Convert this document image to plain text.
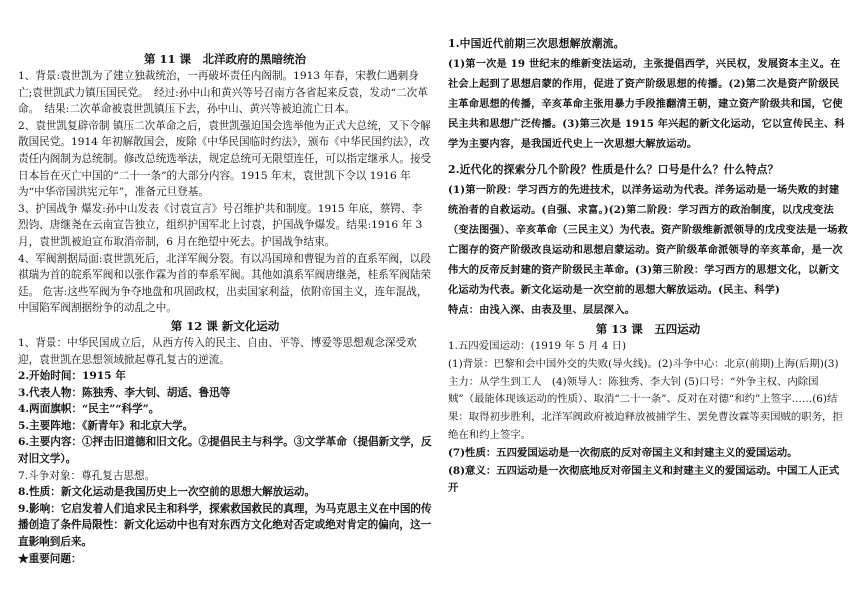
第 11 课　北洋政府的黑暗统治

1、背景:袁世凯为了建立独裁统治，一再破坏责任内阁制。1913 年春，宋教仁遇刺身亡;袁世凯武力镇压国民党。　经过:孙中山和黄兴等号召南方各省起来反袁，发动“二次革命。　结果:二次革命被袁世凯镇压下去，孙中山、黄兴等被迫流亡日本。

2、袁世凯复辟帝制 镇压二次革命之后，袁世凯强迫国会选举他为正式大总统，又下令解散国民党。1914 年初解散国会，废除《中华民国临时约法》，颁布《中华民国约法》，改责任内阁制为总统制。修改总统选举法，规定总统可无限望连任，可以指定继承人。接受日本旨在灭亡中国的“二十一条”的大部分内容。1915 年末，袁世凯下令以 1916 年为“中华帝国洪宪元年”，准备元旦登基。

3、护国战争 爆发:孙中山发表《讨袁宣言》号召维护共和制度。1915 年底，蔡锷、李烈钧、唐继尧在云南宣告独立，组织护国军北上讨袁，护国战争爆发。结果:1916 年 3 月，袁世凯被迫宣布取消帝制，6 月在绝望中死去。护国战争结束。

4、军阀割据局面:袁世凯死后，北洋军阀分裂。有以冯国璋和曹锟为首的直系军阀，以段祺瑞为首的皖系军阀和以张作霖为首的奉系军阀。其他如滇系军阀唐继尧，桂系军阀陆荣廷。 危害:这些军阀为争夺地盘和巩固政权，出卖国家利益，依附帝国主义，连年混战，中国陷军阀割据纷争的动乱之中。

第 12 课 新文化运动

1、背景：中华民国成立后，从西方传入的民主、自由、平等、博爱等思想观念深受欢迎，袁世凯在思想领域掀起尊孔复古的逆流。

2.开始时间：1915 年

3.代表人物：陈独秀、李大钊、胡适、鲁迅等

4.两面旗帜：“民主”“科学”。

5.主要阵地：《新青年》和北京大学。

6.主要内容：①抨击旧道德和旧文化。②提倡民主与科学。③文学革命（提倡新文学，反对旧文学）。

7.斗争对象：尊孔复古思想。

8.性质：新文化运动是我国历史上一次空前的思想大解放运动。

9.影响：它启发着人们追求民主和科学，探索救国救民的真理，为马克思主义在中国的传播创造了条件局限性：新文化运动中也有对东西方文化绝对否定或绝对肯定的偏向，这一直影响到后来。

★重要问题：

1.中国近代前期三次思想解放潮流。

(1)第一次是 19 世纪末的维新变法运动，主张提倡西学，兴民权，发展资本主义。在社会上起到了思想启蒙的作用，促进了资产阶级思想的传播。(2)第二次是资产阶级民主革命思想的传播，辛亥革命主张用暴力手段推翻清王朝，建立资产阶级共和国，它使民主共和思想广泛传播。(3)第三次是 1915 年兴起的新文化运动，它以宣传民主、科学为主要内容，是我国近代史上一次思想大解放运动。

2.近代化的探索分几个阶段？性质是什么？口号是什么？什么特点？

(1)第一阶段：学习西方的先进技术，以洋务运动为代表。洋务运动是一场失败的封建统治者的自救运动。(自强、求富。)(2)第二阶段：学习西方的政治制度，以戊戌变法（变法图强）、辛亥革命（三民主义）为代表。资产阶级维新派领导的戊戌变法是一场救亡图存的资产阶级改良运动和思想启蒙运动。资产阶级革命派领导的辛亥革命，是一次伟大的反帝反封建的资产阶级民主革命。(3)第三阶段：学习西方的思想文化，以新文化运动为代表。新文化运动是一次空前的思想大解放运动。(民主、科学)

特点：由浅入深、由表及里、层层深入。

第 13 课　五四运动

1.五四爱国运动：(1919 年 5 月 4 日)

(1)背景：巴黎和会中国外交的失败(导火线)。(2)斗争中心：北京(前期)上海(后期)(3)主力：从学生到工人　(4)领导人：陈独秀、李大钊 (5)口号：“外争主权、内除国贼”（最能体现该运动的性质）、取消“二十一条”、反对在对德“和约”上签字……(6)结果：取得初步胜利，北洋军阀政府被迫释放被捕学生、罢免曹汝霖等卖国贼的职务，拒绝在和约上签字。

(7)性质：五四爱国运动是一次彻底的反对帝国主义和封建主义的爱国运动。

(8)意义：五四运动是一次彻底地反对帝国主义和封建主义的爱国运动。中国工人正式开
